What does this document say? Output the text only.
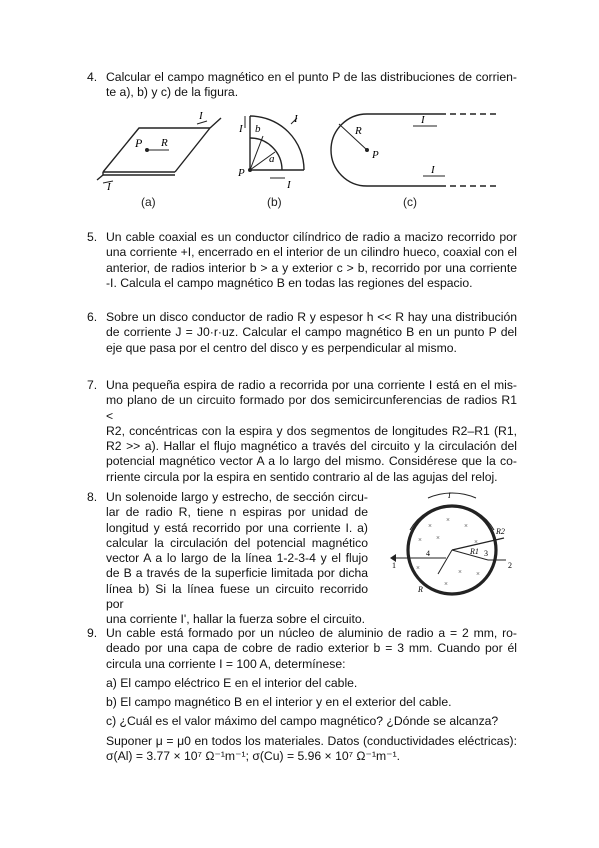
4. Calcular el campo magnético en el punto P de las distribuciones de corrien-
te a), b) y c) de la figura.
P R
I
I
(a)
I b
I
a
P
I
(b)
R
P
I
I
(c)
5. Un cable coaxial es un conductor cilíndrico de radio a macizo recorrido por
una corriente +I, encerrado en el interior de un cilindro hueco, coaxial con el
anterior, de radios interior b > a y exterior c > b, recorrido por una corriente
-I. Calcula el campo magnético B en todas las regiones del espacio.
6. Sobre un disco conductor de radio R y espesor h << R hay una distribución
de corriente J = J0·r·uz. Calcular el campo magnético B en un punto P del
eje que pasa por el centro del disco y es perpendicular al mismo.
7. Una pequeña espira de radio a recorrida por una corriente I está en el mis-
mo plano de un circuito formado por dos semicircunferencias de radios R1 <
R2, concéntricas con la espira y dos segmentos de longitudes R2–R1 (R1,
R2 >> a). Hallar el flujo magnético a través del circuito y la circulación del
potencial magnético vector A a lo largo del mismo. Considérese que la co-
rriente circula por la espira en sentido contrario al de las agujas del reloj.
8. Un solenoide largo y estrecho, de sección circu-
lar de radio R, tiene n espiras por unidad de
longitud y está recorrido por una corriente I. a)
calcular la circulación del potencial magnético
vector A a lo largo de la línea 1-2-3-4 y el flujo
de B a través de la superficie limitada por dicha
línea b) Si la línea fuese un circuito recorrido por
una corriente I', hallar la fuerza sobre el circuito.
I
R2
R1
R
1	2
3
4
×
×
×
× ×	×
×	× ×
×
9. Un cable está formado por un núcleo de aluminio de radio a = 2 mm, ro-
deado por una capa de cobre de radio exterior b = 3 mm. Cuando por él
circula una corriente I = 100 A, determínese:
a) El campo eléctrico E en el interior del cable.
b) El campo magnético B en el interior y en el exterior del cable.
c) ¿Cuál es el valor máximo del campo magnético? ¿Dónde se alcanza?
Suponer μ = μ0 en todos los materiales. Datos (conductividades eléctricas):
σ(Al) = 3.77 × 10⁷ Ω⁻¹m⁻¹; σ(Cu) = 5.96 × 10⁷ Ω⁻¹m⁻¹.
